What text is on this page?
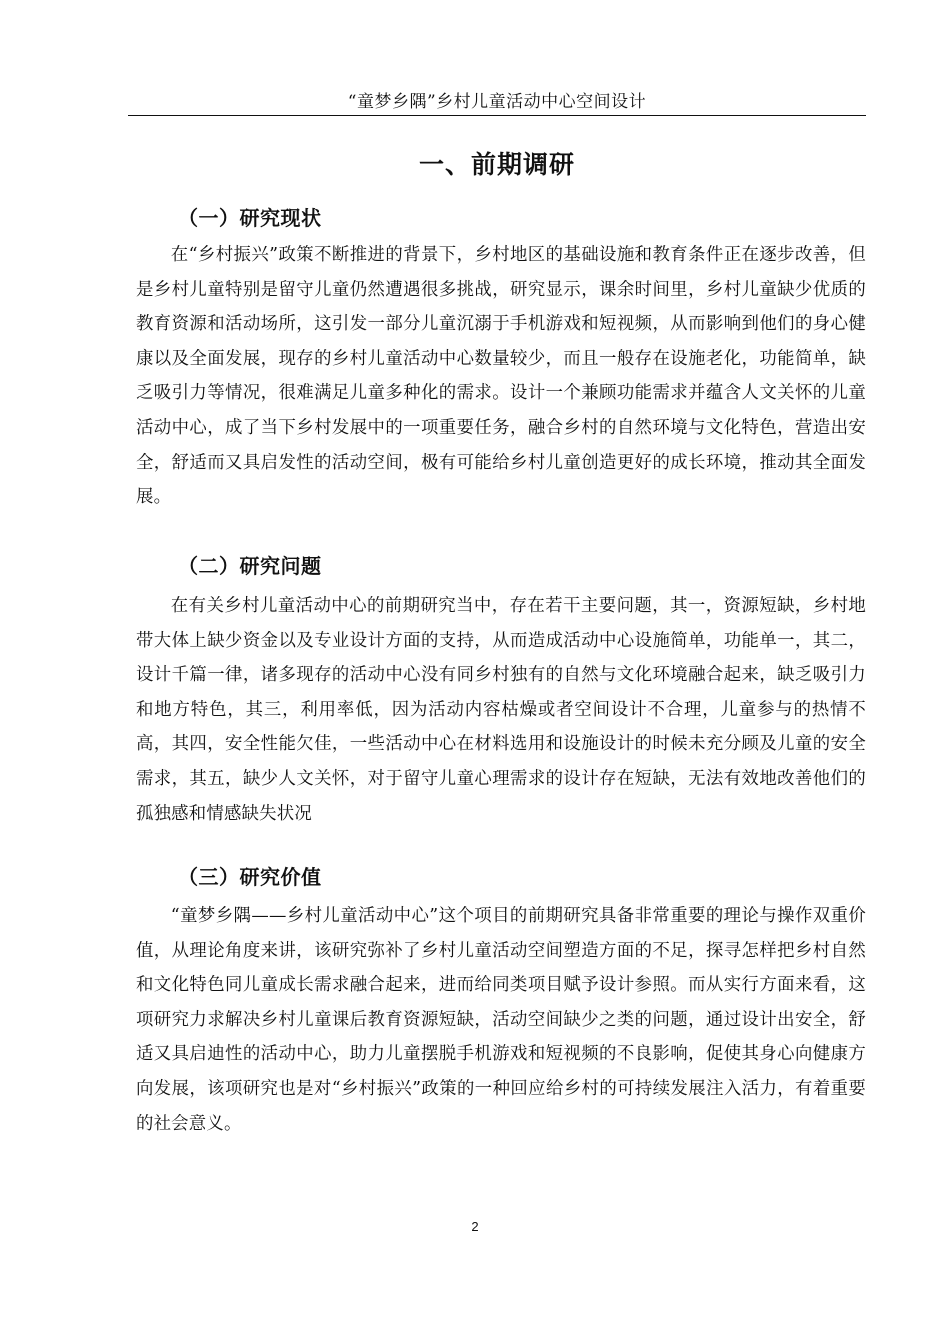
“童梦乡隅”乡村儿童活动中心空间设计
一、前期调研
（一）研究现状

在“乡村振兴”政策不断推进的背景下，乡村地区的基础设施和教育条件正在逐步改善，但是乡村儿童特别是留守儿童仍然遭遇很多挑战，研究显示，课余时间里，乡村儿童缺少优质的教育资源和活动场所，这引发一部分儿童沉溺于手机游戏和短视频，从而影响到他们的身心健康以及全面发展，现存的乡村儿童活动中心数量较少，而且一般存在设施老化，功能简单，缺乏吸引力等情况，很难满足儿童多种化的需求。设计一个兼顾功能需求并蕴含人文关怀的儿童活动中心，成了当下乡村发展中的一项重要任务，融合乡村的自然环境与文化特色，营造出安全，舒适而又具启发性的活动空间，极有可能给乡村儿童创造更好的成长环境，推动其全面发展。

（二）研究问题

在有关乡村儿童活动中心的前期研究当中，存在若干主要问题，其一，资源短缺，乡村地带大体上缺少资金以及专业设计方面的支持，从而造成活动中心设施简单，功能单一，其二，设计千篇一律，诸多现存的活动中心没有同乡村独有的自然与文化环境融合起来，缺乏吸引力和地方特色，其三，利用率低，因为活动内容枯燥或者空间设计不合理，儿童参与的热情不高，其四，安全性能欠佳，一些活动中心在材料选用和设施设计的时候未充分顾及儿童的安全需求，其五，缺少人文关怀，对于留守儿童心理需求的设计存在短缺，无法有效地改善他们的孤独感和情感缺失状况

（三）研究价值

“童梦乡隅——乡村儿童活动中心”这个项目的前期研究具备非常重要的理论与操作双重价值，从理论角度来讲，该研究弥补了乡村儿童活动空间塑造方面的不足，探寻怎样把乡村自然和文化特色同儿童成长需求融合起来，进而给同类项目赋予设计参照。而从实行方面来看，这项研究力求解决乡村儿童课后教育资源短缺，活动空间缺少之类的问题，通过设计出安全，舒适又具启迪性的活动中心，助力儿童摆脱手机游戏和短视频的不良影响，促使其身心向健康方向发展，该项研究也是对“乡村振兴”政策的一种回应给乡村的可持续发展注入活力，有着重要的社会意义。

2
